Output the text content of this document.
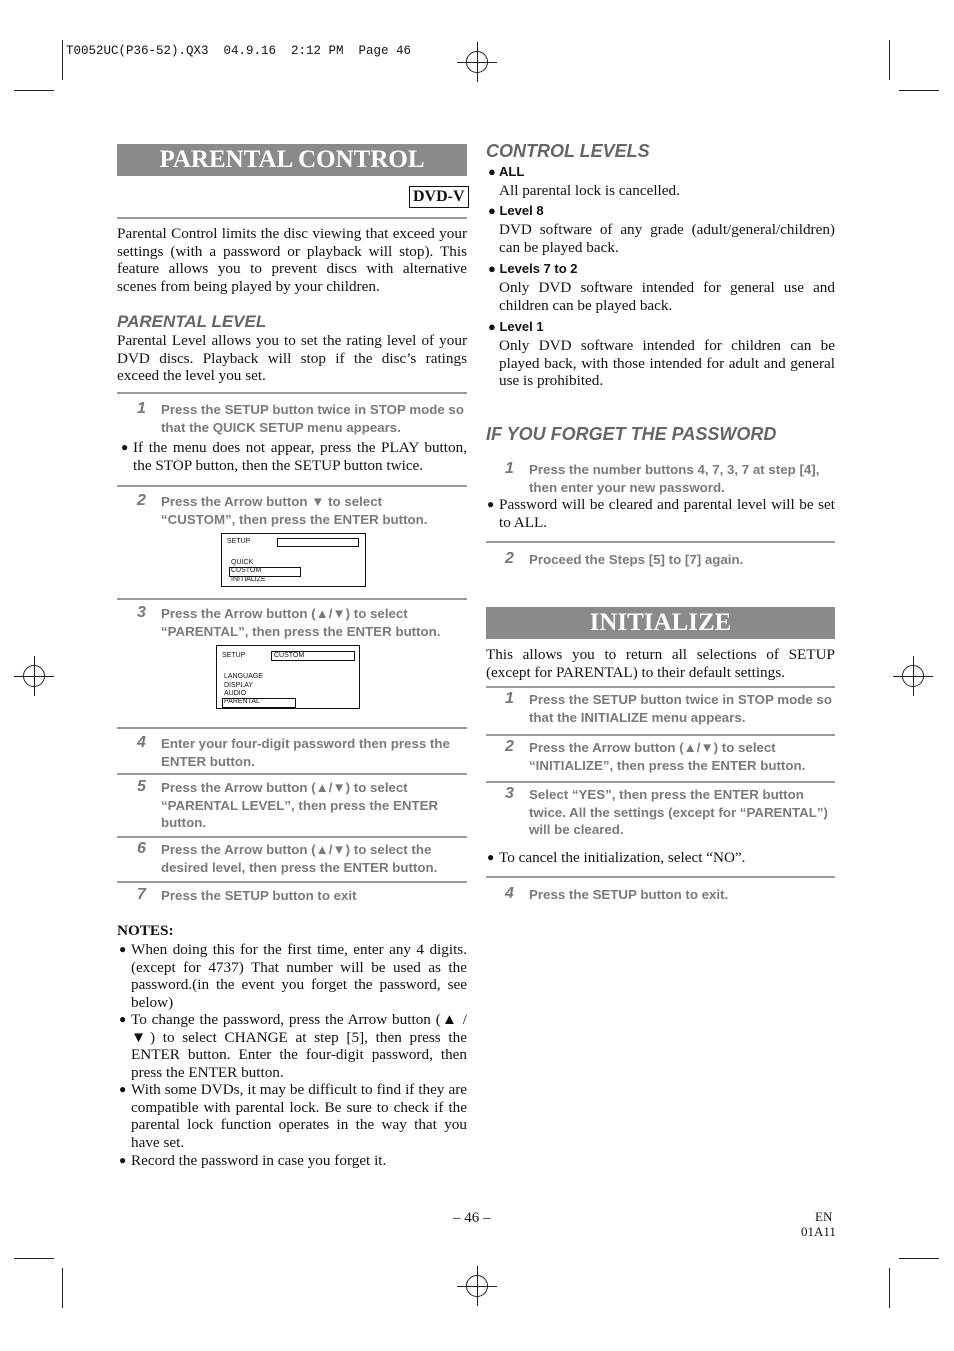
T0052UC(P36-52).QX3  04.9.16  2:12 PM  Page 46
PARENTAL CONTROL
DVD-V
Parental Control limits the disc viewing that exceed your settings (with a password or playback will stop). This feature allows you to prevent discs with alternative scenes from being played by your children.
PARENTAL LEVEL
Parental Level allows you to set the rating level of your DVD discs. Playback will stop if the disc’s ratings exceed the level you set.
1 Press the SETUP button twice in STOP mode so that the QUICK SETUP menu appears.
● If the menu does not appear, press the PLAY button, the STOP button, then the SETUP button twice.
2 Press the Arrow button ▼ to select “CUSTOM”, then press the ENTER button.
SETUP
QUICK
CUSTOM
INITIALIZE
3 Press the Arrow button (▲/▼) to select “PARENTAL”, then press the ENTER button.
SETUP	CUSTOM
LANGUAGE
DISPLAY
AUDIO
PARENTAL
4 Enter your four-digit password then press the ENTER button.
5 Press the Arrow button (▲/▼) to select “PARENTAL LEVEL”, then press the ENTER button.
6 Press the Arrow button (▲/▼) to select the desired level, then press the ENTER button.
7 Press the SETUP button to exit
NOTES:
● When doing this for the first time, enter any 4 digits. (except for 4737) That number will be used as the password.(in the event you forget the password, see below)
● To change the password, press the Arrow button (▲ / ▼) to select CHANGE at step [5], then press the ENTER button. Enter the four-digit password, then press the ENTER button.
● With some DVDs, it may be difficult to find if they are compatible with parental lock. Be sure to check if the parental lock function operates in the way that you have set.
● Record the password in case you forget it.
CONTROL LEVELS
● ALL
All parental lock is cancelled.
● Level 8
DVD software of any grade (adult/general/children) can be played back.
● Levels 7 to 2
Only DVD software intended for general use and children can be played back.
● Level 1
Only DVD software intended for children can be played back, with those intended for adult and general use is prohibited.
IF YOU FORGET THE PASSWORD
1 Press the number buttons 4, 7, 3, 7 at step [4], then enter your new password.
● Password will be cleared and parental level will be set to ALL.
2 Proceed the Steps [5] to [7] again.
INITIALIZE
This allows you to return all selections of SETUP (except for PARENTAL) to their default settings.
1 Press the SETUP button twice in STOP mode so that the INITIALIZE menu appears.
2 Press the Arrow button (▲/▼) to select “INITIALIZE”, then press the ENTER button.
3 Select “YES”, then press the ENTER button twice. All the settings (except for “PARENTAL”) will be cleared.
● To cancel the initialization, select “NO”.
4 Press the SETUP button to exit.
– 46 –	EN
01A11
